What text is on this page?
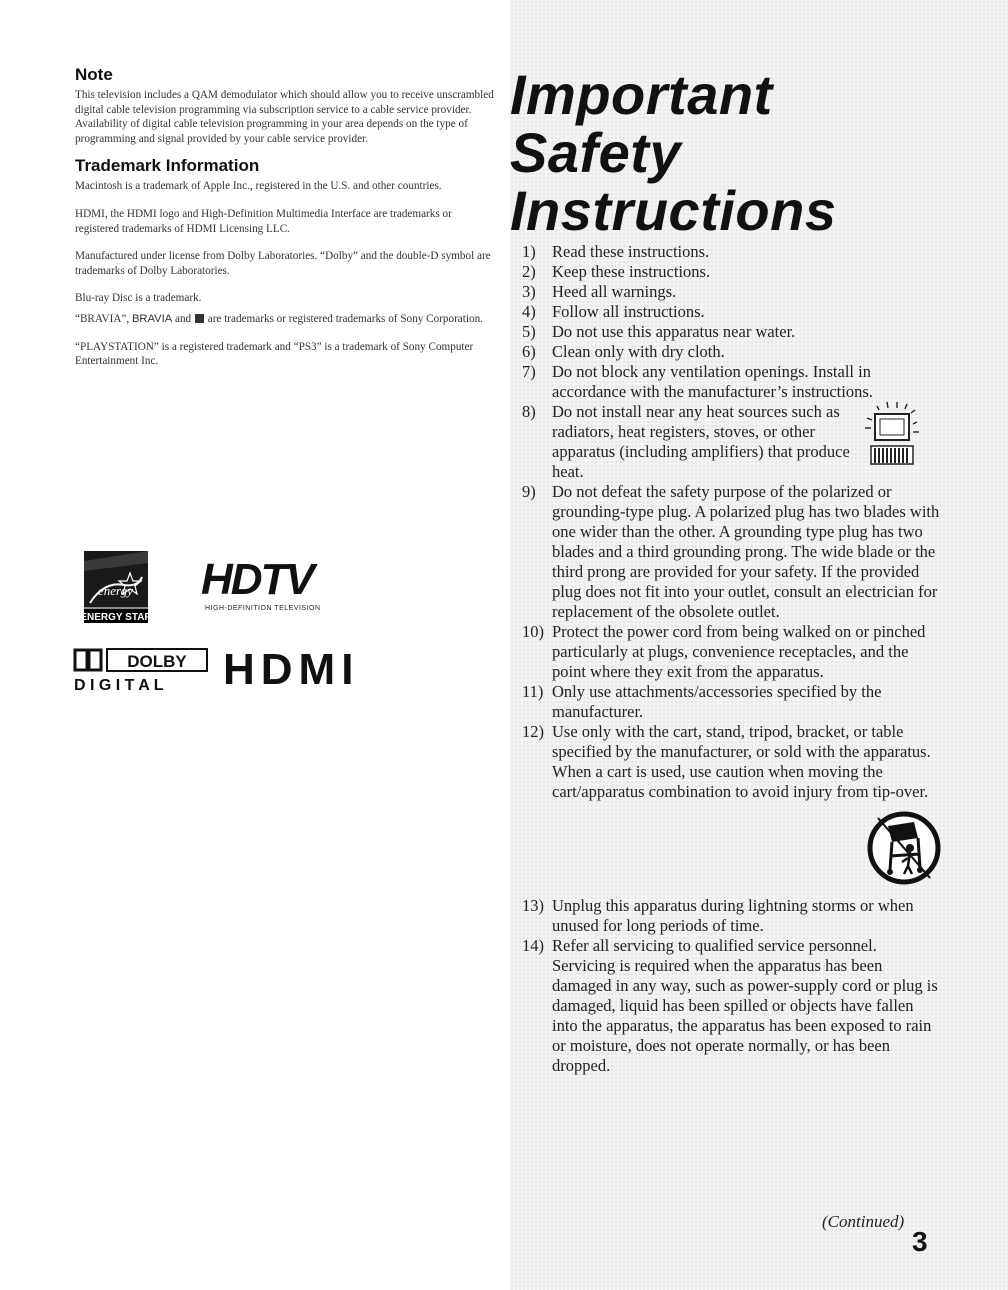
Note

This television includes a QAM demodulator which should allow you to receive unscrambled digital cable television programming via subscription service to a cable service provider. Availability of digital cable television programming in your area depends on the type of programming and signal provided by your cable service provider.

Trademark Information

Macintosh is a trademark of Apple Inc., registered in the U.S. and other countries.

HDMI, the HDMI logo and High-Definition Multimedia Interface are trademarks or registered trademarks of HDMI Licensing LLC.

Manufactured under license from Dolby Laboratories. “Dolby” and the double-D symbol are trademarks of Dolby Laboratories.

Blu-ray Disc is a trademark.

“BRAVIA”, BRAVIA and are trademarks or registered trademarks of Sony Corporation.

“PLAYSTATION” is a registered trademark and “PS3” is a trademark of Sony Computer Entertainment Inc.

energy
ENERGY STAR
HDTV
HIGH-DEFINITION TELEVISION
DOLBY
D I G I T A L HDMI
Important
Safety
Instructions
1) Read these instructions.
2) Keep these instructions.
3) Heed all warnings.
4) Follow all instructions.
5) Do not use this apparatus near water.
6) Clean only with dry cloth.
7) Do not block any ventilation openings. Install in accordance with the manufacturer’s instructions.
8) Do not install near any heat sources such as radiators, heat registers, stoves, or other apparatus (including amplifiers) that produce heat.
9) Do not defeat the safety purpose of the polarized or grounding-type plug. A polarized plug has two blades with one wider than the other. A grounding type plug has two blades and a third grounding prong. The wide blade or the third prong are provided for your safety. If the provided plug does not fit into your outlet, consult an electrician for replacement of the obsolete outlet.
10) Protect the power cord from being walked on or pinched particularly at plugs, convenience receptacles, and the point where they exit from the apparatus.
11) Only use attachments/accessories specified by the manufacturer.
12) Use only with the cart, stand, tripod, bracket, or table specified by the manufacturer, or sold with the apparatus. When a cart is used, use caution when moving the cart/apparatus combination to avoid injury from tip-over.
13) Unplug this apparatus during lightning storms or when unused for long periods of time.
14) Refer all servicing to qualified service personnel. Servicing is required when the apparatus has been damaged in any way, such as power-supply cord or plug is damaged, liquid has been spilled or objects have fallen into the apparatus, the apparatus has been exposed to rain or moisture, does not operate normally, or has been dropped.
(Continued)
3
